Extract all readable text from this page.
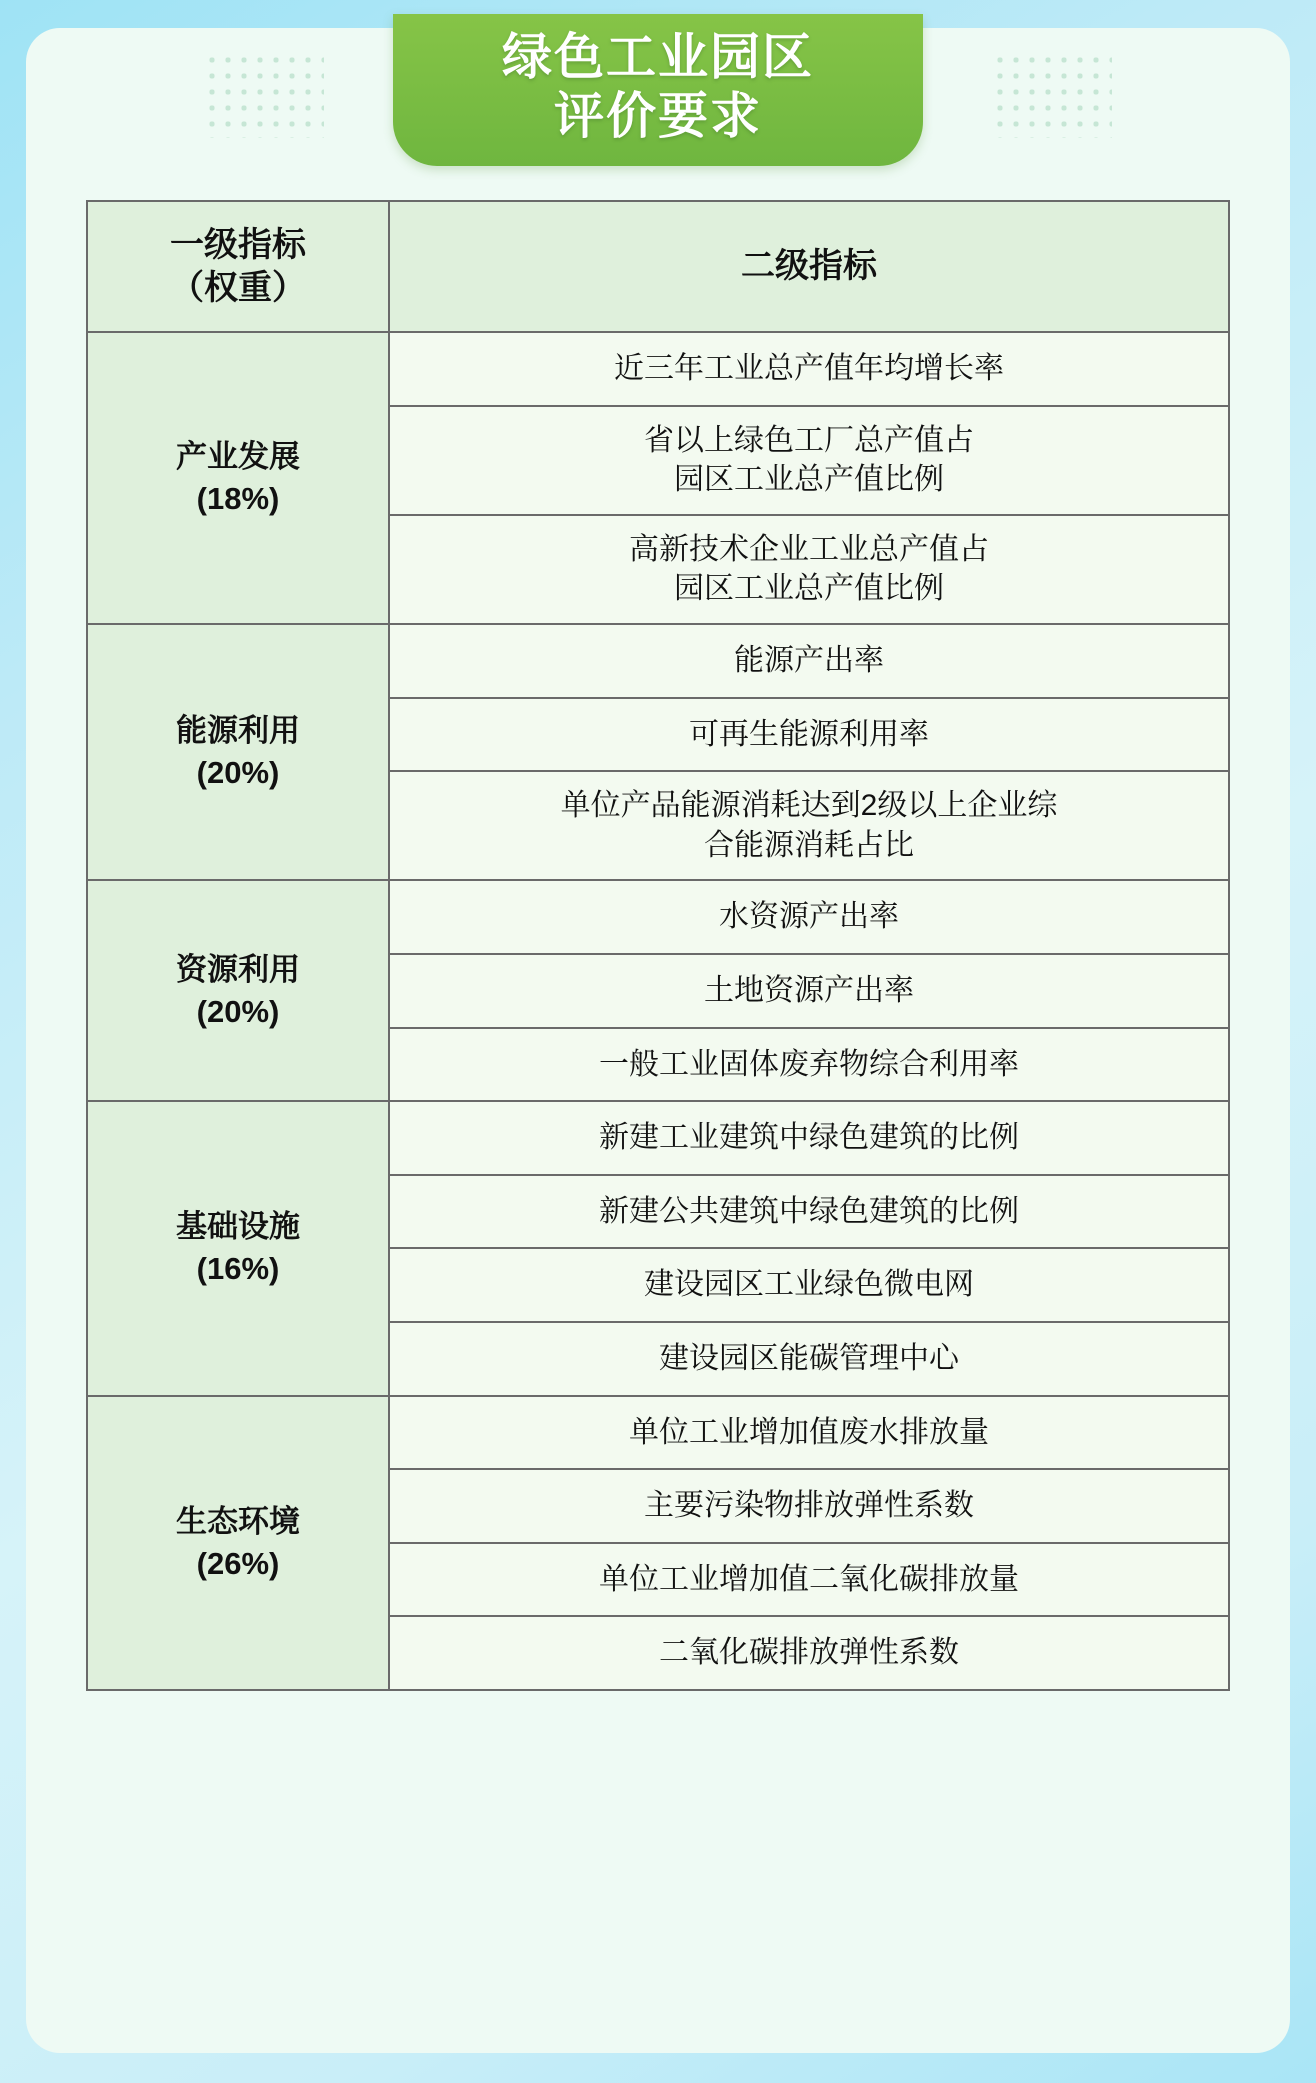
绿色工业园区
评价要求
一级指标
（权重）	二级指标

产业发展
(18%)	近三年工业总产值年均增长率
	省以上绿色工厂总产值占
园区工业总产值比例
	高新技术企业工业总产值占
园区工业总产值比例

能源利用
(20%)	能源产出率
	可再生能源利用率
	单位产品能源消耗达到2级以上企业综
合能源消耗占比

资源利用
(20%)	水资源产出率
	土地资源产出率
	一般工业固体废弃物综合利用率

基础设施
(16%)	新建工业建筑中绿色建筑的比例
	新建公共建筑中绿色建筑的比例
	建设园区工业绿色微电网
	建设园区能碳管理中心

生态环境
(26%)	单位工业增加值废水排放量
	主要污染物排放弹性系数
	单位工业增加值二氧化碳排放量
	二氧化碳排放弹性系数
